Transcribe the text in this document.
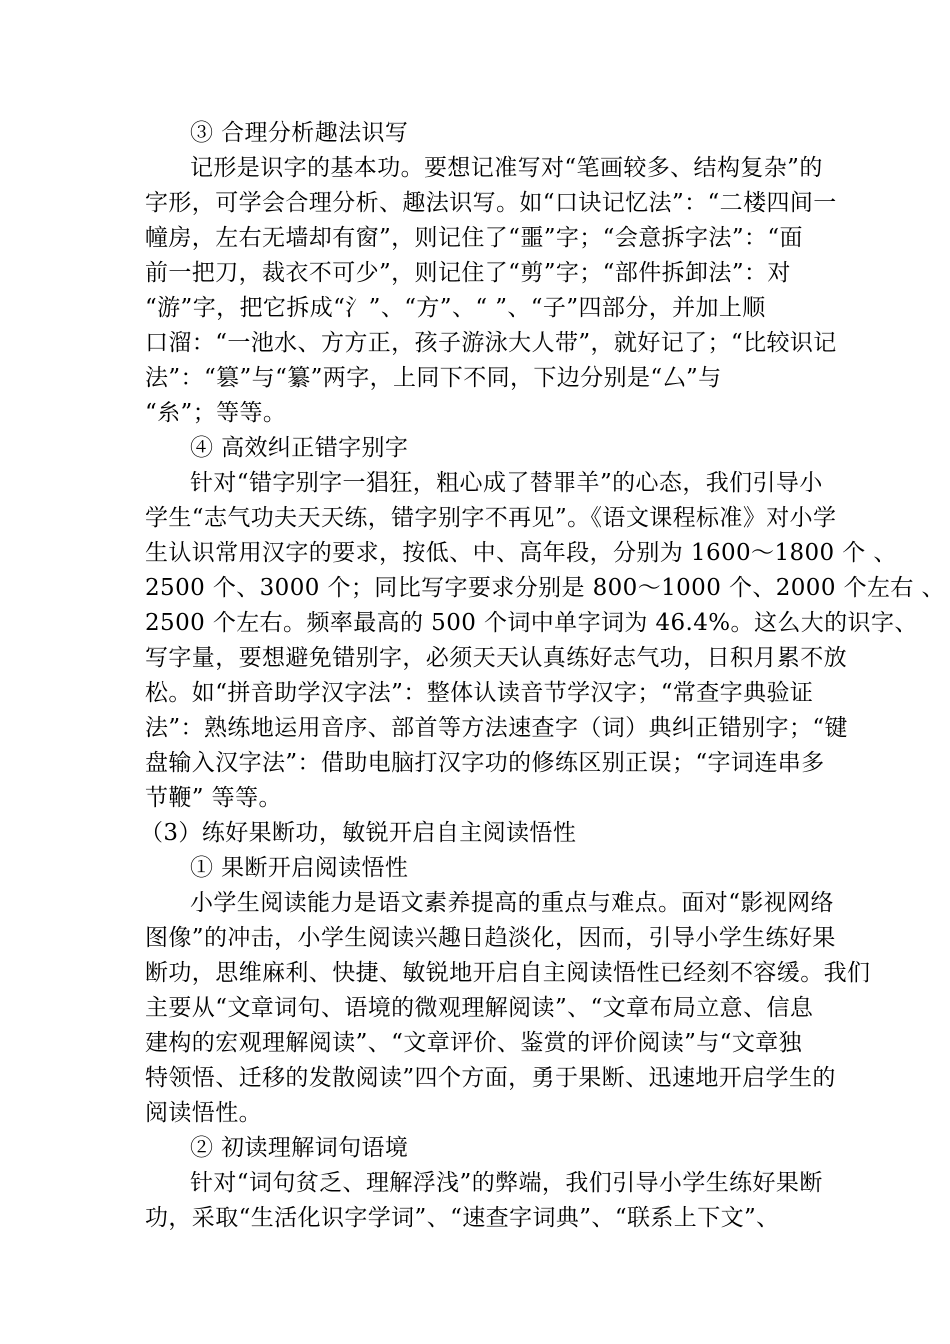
③ 合理分析趣法识写
记形是识字的基本功。要想记准写对“笔画较多、结构复杂”的
字形，可学会合理分析、趣法识写。如“口诀记忆法”：“二楼四间一
幢房，左右无墙却有窗”，则记住了“噩”字；“会意拆字法”：“面
前一把刀，裁衣不可少”，则记住了“剪”字；“部件拆卸法”：对
“游”字，把它拆成“氵”、“方”、“ ”、“子”四部分，并加上顺
口溜：“一池水、方方正，孩子游泳大人带”，就好记了；“比较识记
法”：“篡”与“纂”两字，上同下不同，下边分别是“厶”与
“糸”；等等。
④ 高效纠正错字别字
针对“错字别字一猖狂，粗心成了替罪羊”的心态，我们引导小
学生“志气功夫天天练，错字别字不再见”。《语文课程标准》对小学
生认识常用汉字的要求，按低、中、高年段，分别为 1600～1800 个 、
2500 个、3000 个；同比写字要求分别是 800～1000 个、2000 个左右 、
2500 个左右。频率最高的 500 个词中单字词为 46.4%。这么大的识字、
写字量，要想避免错别字，必须天天认真练好志气功，日积月累不放
松。如“拼音助学汉字法”：整体认读音节学汉字；“常查字典验证
法”：熟练地运用音序、部首等方法速查字（词）典纠正错别字；“键
盘输入汉字法”：借助电脑打汉字功的修练区别正误；“字词连串多
节鞭” 等等。
（3）练好果断功，敏锐开启自主阅读悟性
① 果断开启阅读悟性
小学生阅读能力是语文素养提高的重点与难点。面对“影视网络
图像”的冲击，小学生阅读兴趣日趋淡化，因而，引导小学生练好果
断功，思维麻利、快捷、敏锐地开启自主阅读悟性已经刻不容缓。我们
主要从“文章词句、语境的微观理解阅读”、“文章布局立意、信息
建构的宏观理解阅读”、“文章评价、鉴赏的评价阅读”与“文章独
特领悟、迁移的发散阅读”四个方面，勇于果断、迅速地开启学生的
阅读悟性。
② 初读理解词句语境
针对“词句贫乏、理解浮浅”的弊端，我们引导小学生练好果断
功，采取“生活化识字学词”、“速查字词典”、“联系上下文”、
